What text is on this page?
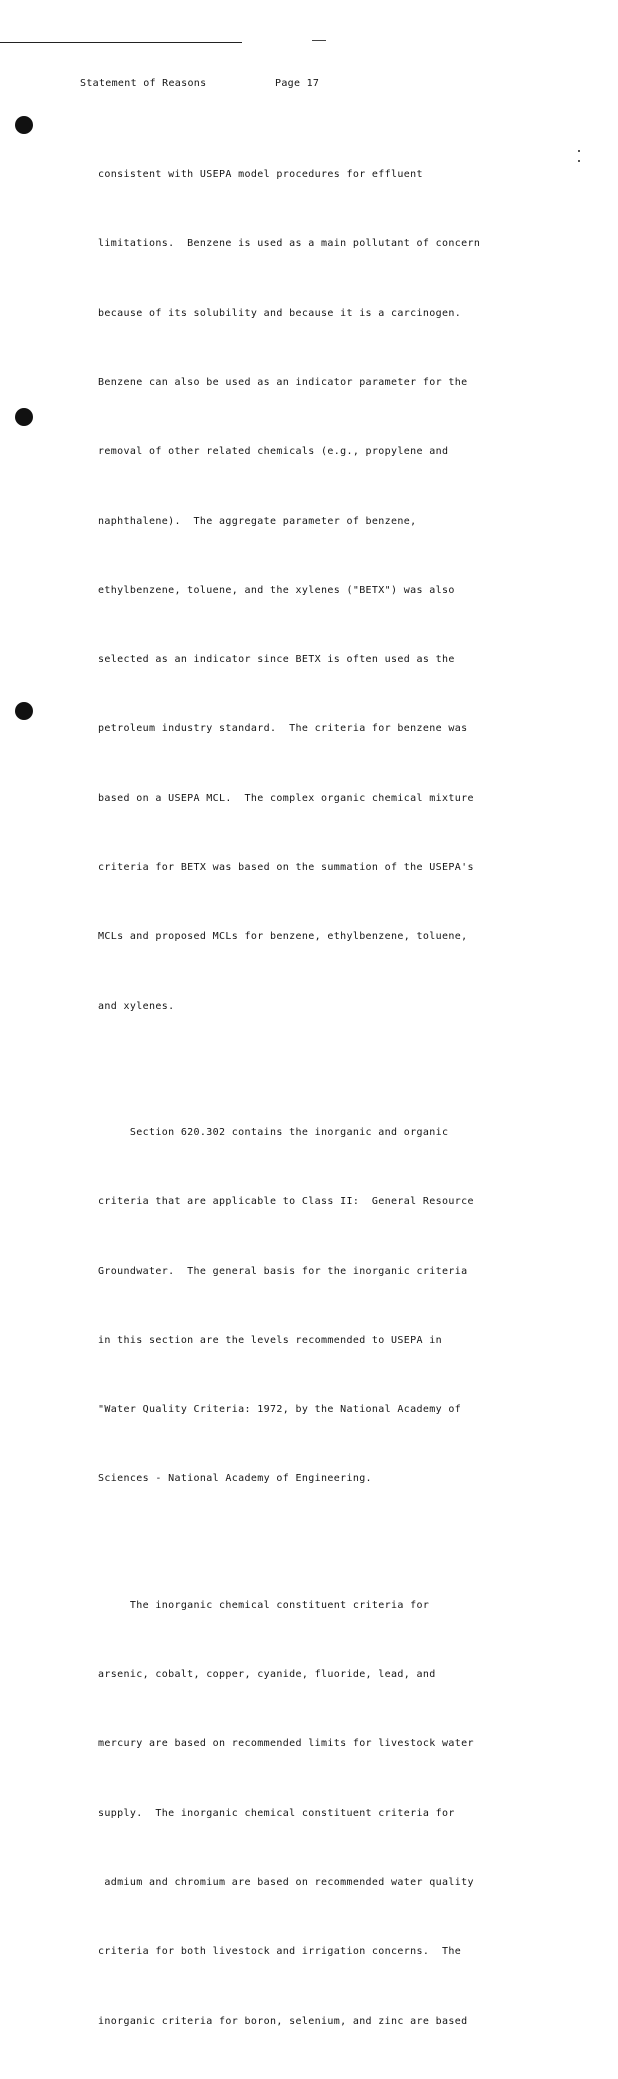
Statement of Reasons	Page 17

consistent with USEPA model procedures for effluent

limitations.  Benzene is used as a main pollutant of concern

because of its solubility and because it is a carcinogen.

Benzene can also be used as an indicator parameter for the

removal of other related chemicals (e.g., propylene and

naphthalene).  The aggregate parameter of benzene,

ethylbenzene, toluene, and the xylenes ("BETX") was also

selected as an indicator since BETX is often used as the

petroleum industry standard.  The criteria for benzene was

based on a USEPA MCL.  The complex organic chemical mixture

criteria for BETX was based on the summation of the USEPA's

MCLs and proposed MCLs for benzene, ethylbenzene, toluene,

and xylenes.

Section 620.302 contains the inorganic and organic

criteria that are applicable to Class II:  General Resource

Groundwater.  The general basis for the inorganic criteria

in this section are the levels recommended to USEPA in

"Water Quality Criteria: 1972, by the National Academy of

Sciences - National Academy of Engineering.

The inorganic chemical constituent criteria for

arsenic, cobalt, copper, cyanide, fluoride, lead, and

mercury are based on recommended limits for livestock water

supply.  The inorganic chemical constituent criteria for

admium and chromium are based on recommended water quality

criteria for both livestock and irrigation concerns.  The

inorganic criteria for boron, selenium, and zinc are based
